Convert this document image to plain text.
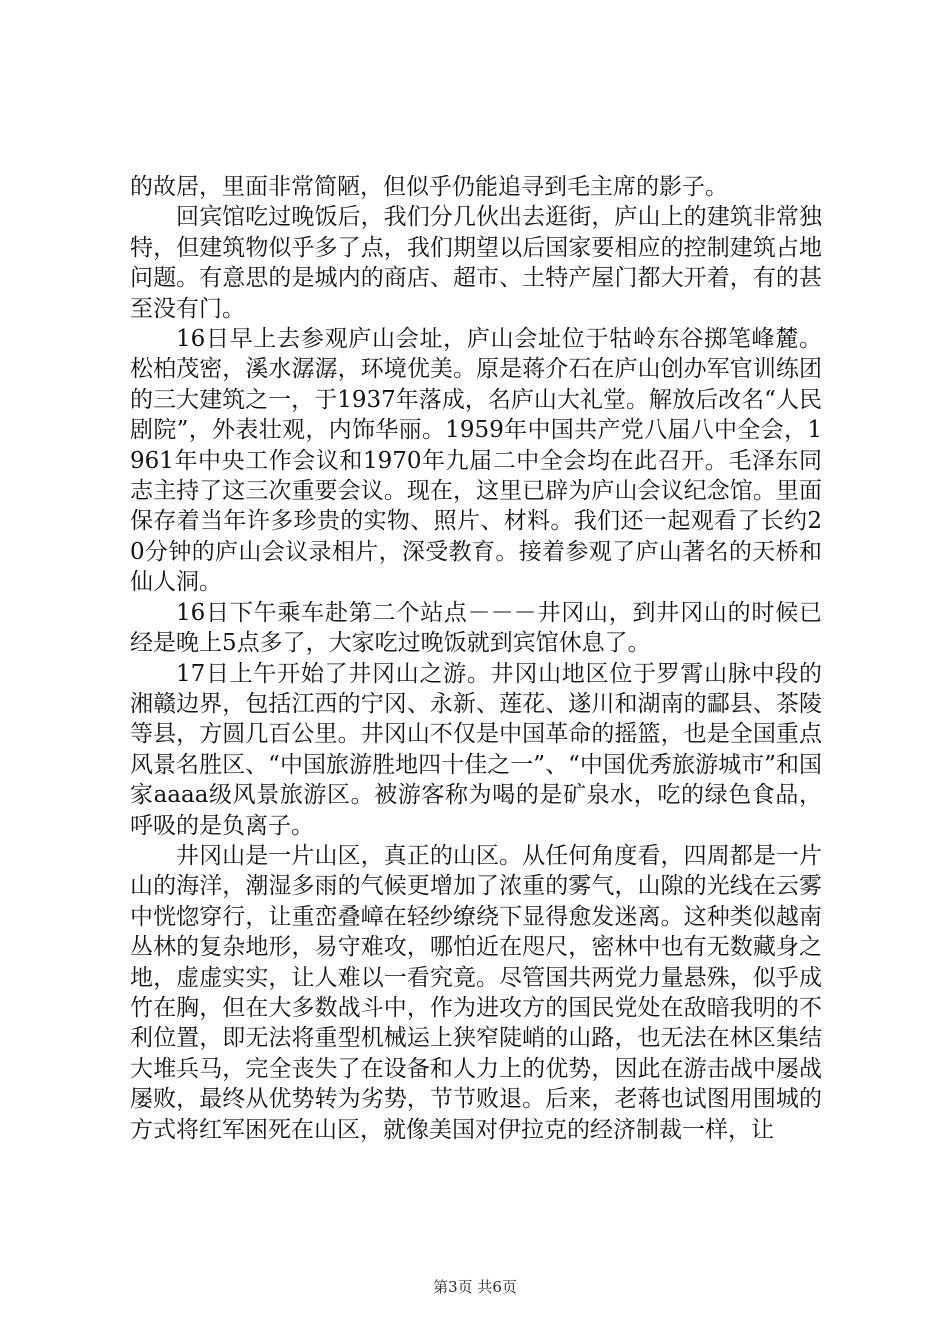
的故居，里面非常简陋，但似乎仍能追寻到毛主席的影子。

回宾馆吃过晚饭后，我们分几伙出去逛街，庐山上的建筑非常独特，但建筑物似乎多了点，我们期望以后国家要相应的控制建筑占地问题。有意思的是城内的商店、超市、土特产屋门都大开着，有的甚至没有门。

16日早上去参观庐山会址，庐山会址位于牯岭东谷掷笔峰麓。松柏茂密，溪水潺潺，环境优美。原是蒋介石在庐山创办军官训练团的三大建筑之一，于1937年落成，名庐山大礼堂。解放后改名“人民剧院”，外表壮观，内饰华丽。1959年中国共产党八届八中全会，1961年中央工作会议和1970年九届二中全会均在此召开。毛泽东同志主持了这三次重要会议。现在，这里已辟为庐山会议纪念馆。里面保存着当年许多珍贵的实物、照片、材料。我们还一起观看了长约20分钟的庐山会议录相片，深受教育。接着参观了庐山著名的天桥和仙人洞。

16日下午乘车赴第二个站点－－－井冈山，到井冈山的时候已经是晚上5点多了，大家吃过晚饭就到宾馆休息了。

17日上午开始了井冈山之游。井冈山地区位于罗霄山脉中段的湘赣边界，包括江西的宁冈、永新、莲花、遂川和湖南的酃县、茶陵等县，方圆几百公里。井冈山不仅是中国革命的摇篮，也是全国重点风景名胜区、“中国旅游胜地四十佳之一”、“中国优秀旅游城市”和国家aaaa级风景旅游区。被游客称为喝的是矿泉水，吃的绿色食品，呼吸的是负离子。

井冈山是一片山区，真正的山区。从任何角度看，四周都是一片山的海洋，潮湿多雨的气候更增加了浓重的雾气，山隙的光线在云雾中恍惚穿行，让重峦叠嶂在轻纱缭绕下显得愈发迷离。这种类似越南丛林的复杂地形，易守难攻，哪怕近在咫尺，密林中也有无数藏身之地，虚虚实实，让人难以一看究竟。尽管国共两党力量悬殊，似乎成竹在胸，但在大多数战斗中，作为进攻方的国民党处在敌暗我明的不利位置，即无法将重型机械运上狭窄陡峭的山路，也无法在林区集结大堆兵马，完全丧失了在设备和人力上的优势，因此在游击战中屡战屡败，最终从优势转为劣势，节节败退。后来，老蒋也试图用围城的方式将红军困死在山区，就像美国对伊拉克的经济制裁一样，让

第3页 共6页
